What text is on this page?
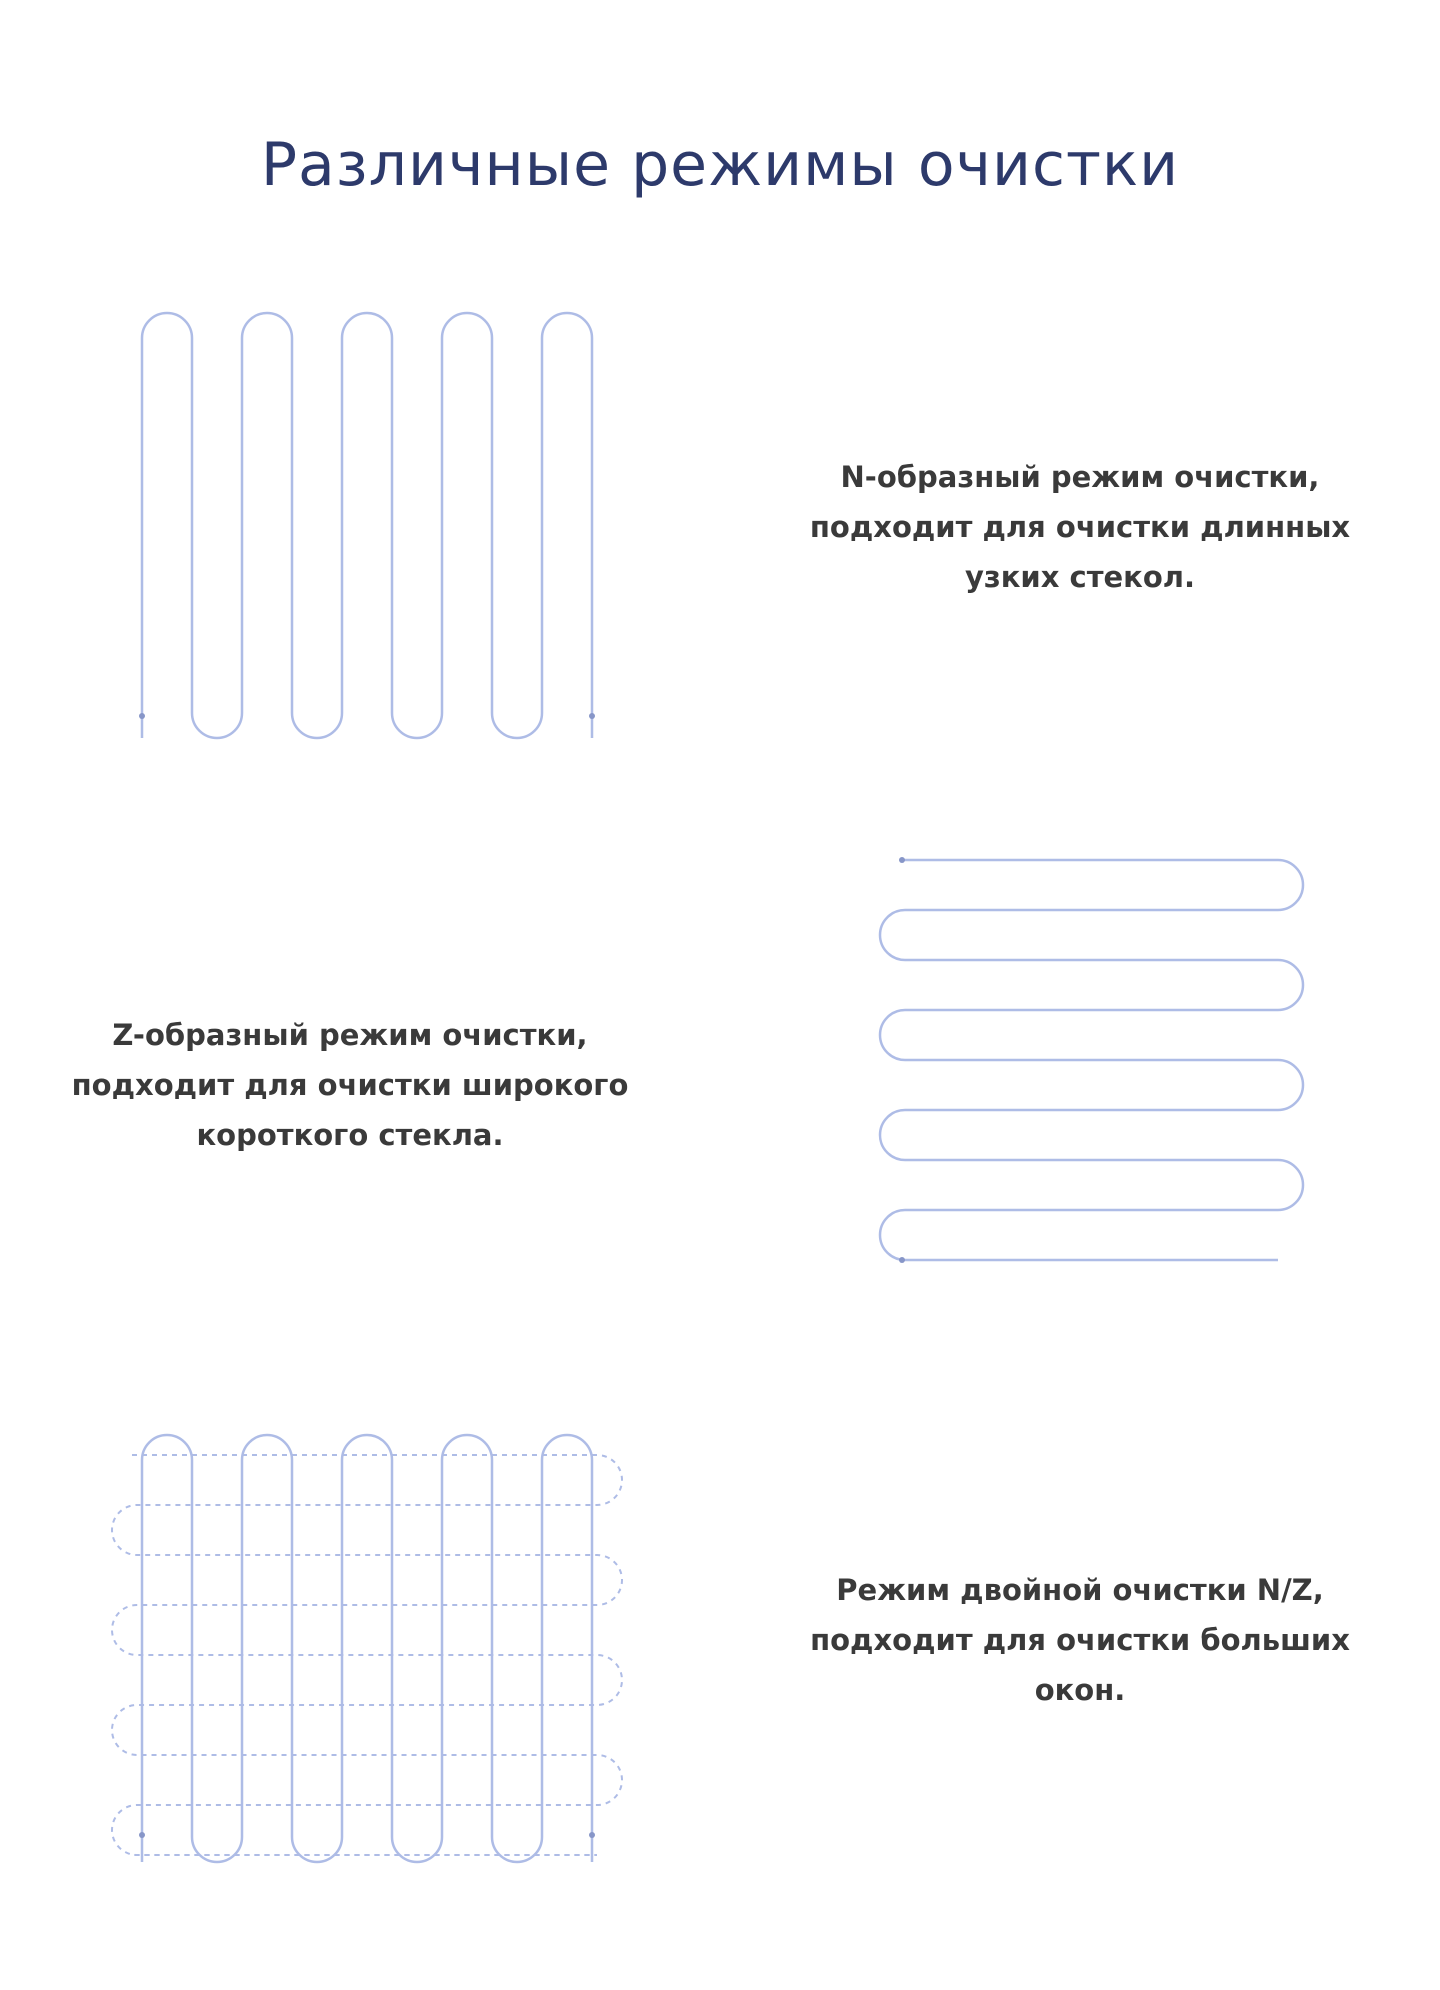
Различные режимы очистки
N-образный режим очистки,
подходит для очистки длинных
узких стекол.
Z-образный режим очистки,
подходит для очистки широкого
короткого стекла.
Режим двойной очистки N/Z,
подходит для очистки больших
окон.
